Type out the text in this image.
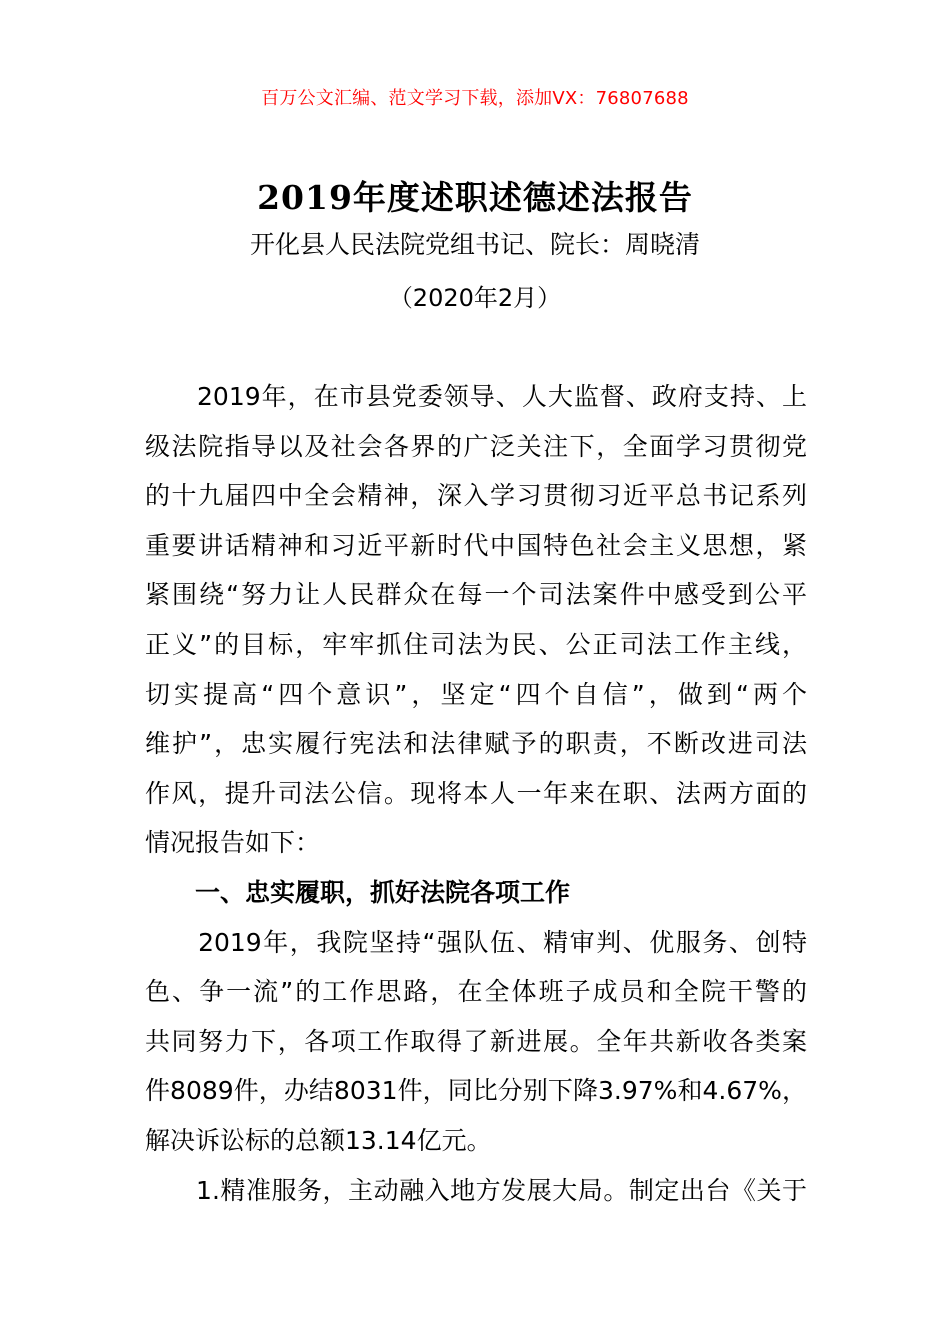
百万公文汇编、范文学习下载，添加VX：76807688
2019年度述职述德述法报告
开化县人民法院党组书记、院长：周晓清
（2020年2月）
　　2019年，在市县党委领导、人大监督、政府支持、上
级法院指导以及社会各界的广泛关注下，全面学习贯彻党
的十九届四中全会精神，深入学习贯彻习近平总书记系列
重要讲话精神和习近平新时代中国特色社会主义思想，紧
紧围绕“努力让人民群众在每一个司法案件中感受到公平
正义”的目标，牢牢抓住司法为民、公正司法工作主线，
切实提高“四个意识”，坚定“四个自信”，做到“两个
维护”，忠实履行宪法和法律赋予的职责，不断改进司法
作风，提升司法公信。现将本人一年来在职、法两方面的
情况报告如下：
　　一、忠实履职，抓好法院各项工作
　　2019年，我院坚持“强队伍、精审判、优服务、创特
色、争一流”的工作思路，在全体班子成员和全院干警的
共同努力下，各项工作取得了新进展。全年共新收各类案
件8089件，办结8031件，同比分别下降3.97%和4.67%，
解决诉讼标的总额13.14亿元。
　　1.精准服务，主动融入地方发展大局。制定出台《关于
